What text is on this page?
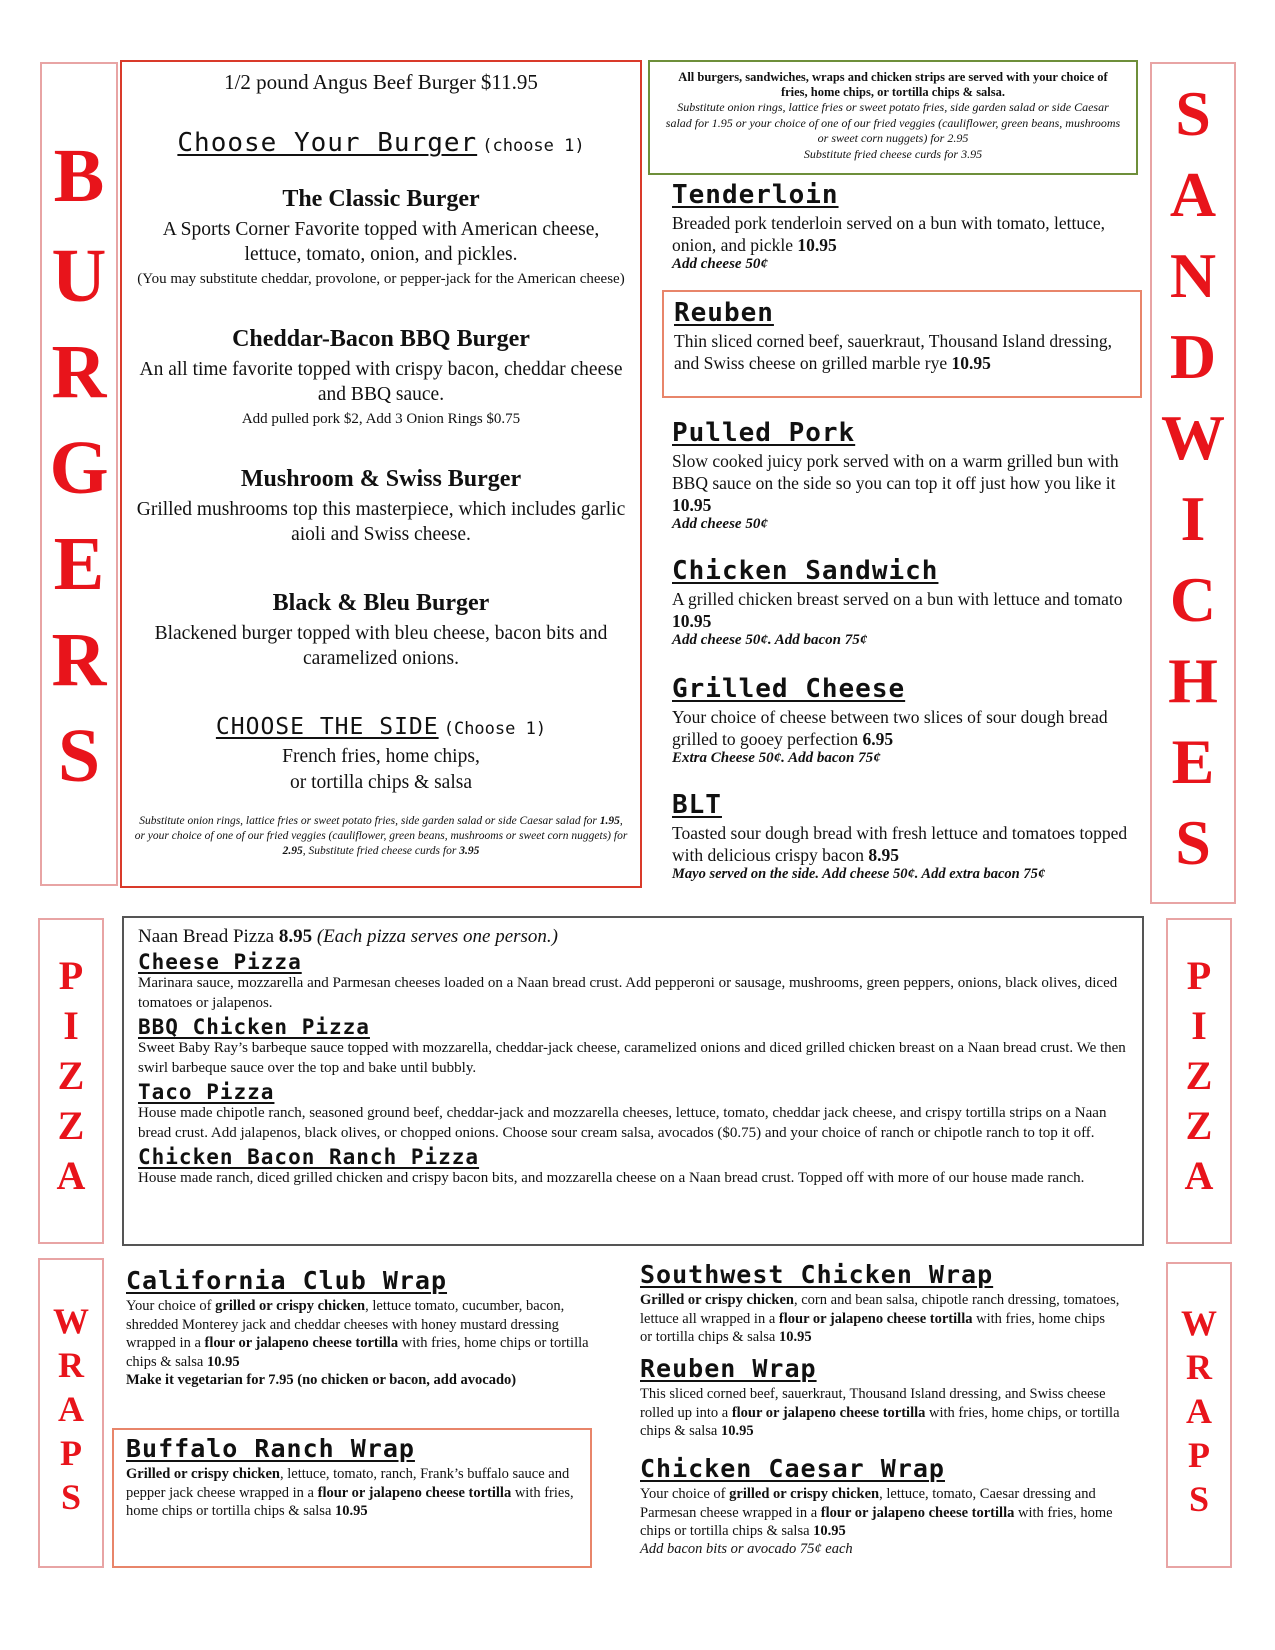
B
U
R
G
E
R
S

1/2 pound Angus Beef Burger $11.95

Choose Your Burger (choose 1)

The Classic Burger

A Sports Corner Favorite topped with American cheese, lettuce, tomato, onion, and pickles.

(You may substitute cheddar, provolone, or pepper-jack for the American cheese)

Cheddar-Bacon BBQ Burger

An all time favorite topped with crispy bacon, cheddar cheese and BBQ sauce.

Add pulled pork $2, Add 3 Onion Rings $0.75

Mushroom & Swiss Burger

Grilled mushrooms top this masterpiece, which includes garlic aioli and Swiss cheese.

Black & Bleu Burger

Blackened burger topped with bleu cheese, bacon bits and caramelized onions.

CHOOSE THE SIDE (Choose 1)

French fries, home chips,

or tortilla chips & salsa

Substitute onion rings, lattice fries or sweet potato fries, side garden salad or side Caesar salad for 1.95, or your choice of one of our fried veggies (cauliflower, green beans, mushrooms or sweet corn nuggets) for 2.95, Substitute fried cheese curds for 3.95

All burgers, sandwiches, wraps and chicken strips are served with your choice of fries, home chips, or tortilla chips & salsa.

Substitute onion rings, lattice fries or sweet potato fries, side garden salad or side Caesar salad for 1.95 or your choice of one of our fried veggies (cauliflower, green beans, mushrooms or sweet corn nuggets) for 2.95

Substitute fried cheese curds for 3.95

S
A
N
D
W
I
C
H
E
S

Tenderloin

Breaded pork tenderloin served on a bun with tomato, lettuce, onion, and pickle 10.95

Add cheese 50¢

Reuben

Thin sliced corned beef, sauerkraut, Thousand Island dressing, and Swiss cheese on grilled marble rye 10.95

Pulled Pork

Slow cooked juicy pork served with on a warm grilled bun with BBQ sauce on the side so you can top it off just how you like it 10.95

Add cheese 50¢

Chicken Sandwich

A grilled chicken breast served on a bun with lettuce and tomato 10.95

Add cheese 50¢. Add bacon 75¢

Grilled Cheese

Your choice of cheese between two slices of sour dough bread grilled to gooey perfection 6.95

Extra Cheese 50¢. Add bacon 75¢

BLT

Toasted sour dough bread with fresh lettuce and tomatoes topped with delicious crispy bacon 8.95

Mayo served on the side. Add cheese 50¢. Add extra bacon 75¢

P
I
Z
Z
A
P
I
Z
Z
A

Naan Bread Pizza 8.95 (Each pizza serves one person.)

Cheese Pizza

Marinara sauce, mozzarella and Parmesan cheeses loaded on a Naan bread crust. Add pepperoni or sausage, mushrooms, green peppers, onions, black olives, diced tomatoes or jalapenos.

BBQ Chicken Pizza

Sweet Baby Ray’s barbeque sauce topped with mozzarella, cheddar-jack cheese, caramelized onions and diced grilled chicken breast on a Naan bread crust. We then swirl barbeque sauce over the top and bake until bubbly.

Taco Pizza

House made chipotle ranch, seasoned ground beef, cheddar-jack and mozzarella cheeses, lettuce, tomato, cheddar jack cheese, and crispy tortilla strips on a Naan bread crust. Add jalapenos, black olives, or chopped onions. Choose sour cream salsa, avocados ($0.75) and your choice of ranch or chipotle ranch to top it off.

Chicken Bacon Ranch Pizza

House made ranch, diced grilled chicken and crispy bacon bits, and mozzarella cheese on a Naan bread crust. Topped off with more of our house made ranch.

W
R
A
P
S
W
R
A
P
S

California Club Wrap

Your choice of grilled or crispy chicken, lettuce tomato, cucumber, bacon, shredded Monterey jack and cheddar cheeses with honey mustard dressing wrapped in a flour or jalapeno cheese tortilla with fries, home chips or tortilla chips & salsa 10.95

Make it vegetarian for 7.95 (no chicken or bacon, add avocado)

Buffalo Ranch Wrap

Grilled or crispy chicken, lettuce, tomato, ranch, Frank’s buffalo sauce and pepper jack cheese wrapped in a flour or jalapeno cheese tortilla with fries, home chips or tortilla chips & salsa 10.95

Southwest Chicken Wrap

Grilled or crispy chicken, corn and bean salsa, chipotle ranch dressing, tomatoes, lettuce all wrapped in a flour or jalapeno cheese tortilla with fries, home chips or tortilla chips & salsa 10.95

Reuben Wrap

This sliced corned beef, sauerkraut, Thousand Island dressing, and Swiss cheese rolled up into a flour or jalapeno cheese tortilla with fries, home chips, or tortilla chips & salsa 10.95

Chicken Caesar Wrap

Your choice of grilled or crispy chicken, lettuce, tomato, Caesar dressing and Parmesan cheese wrapped in a flour or jalapeno cheese tortilla with fries, home chips or tortilla chips & salsa 10.95

Add bacon bits or avocado 75¢ each
